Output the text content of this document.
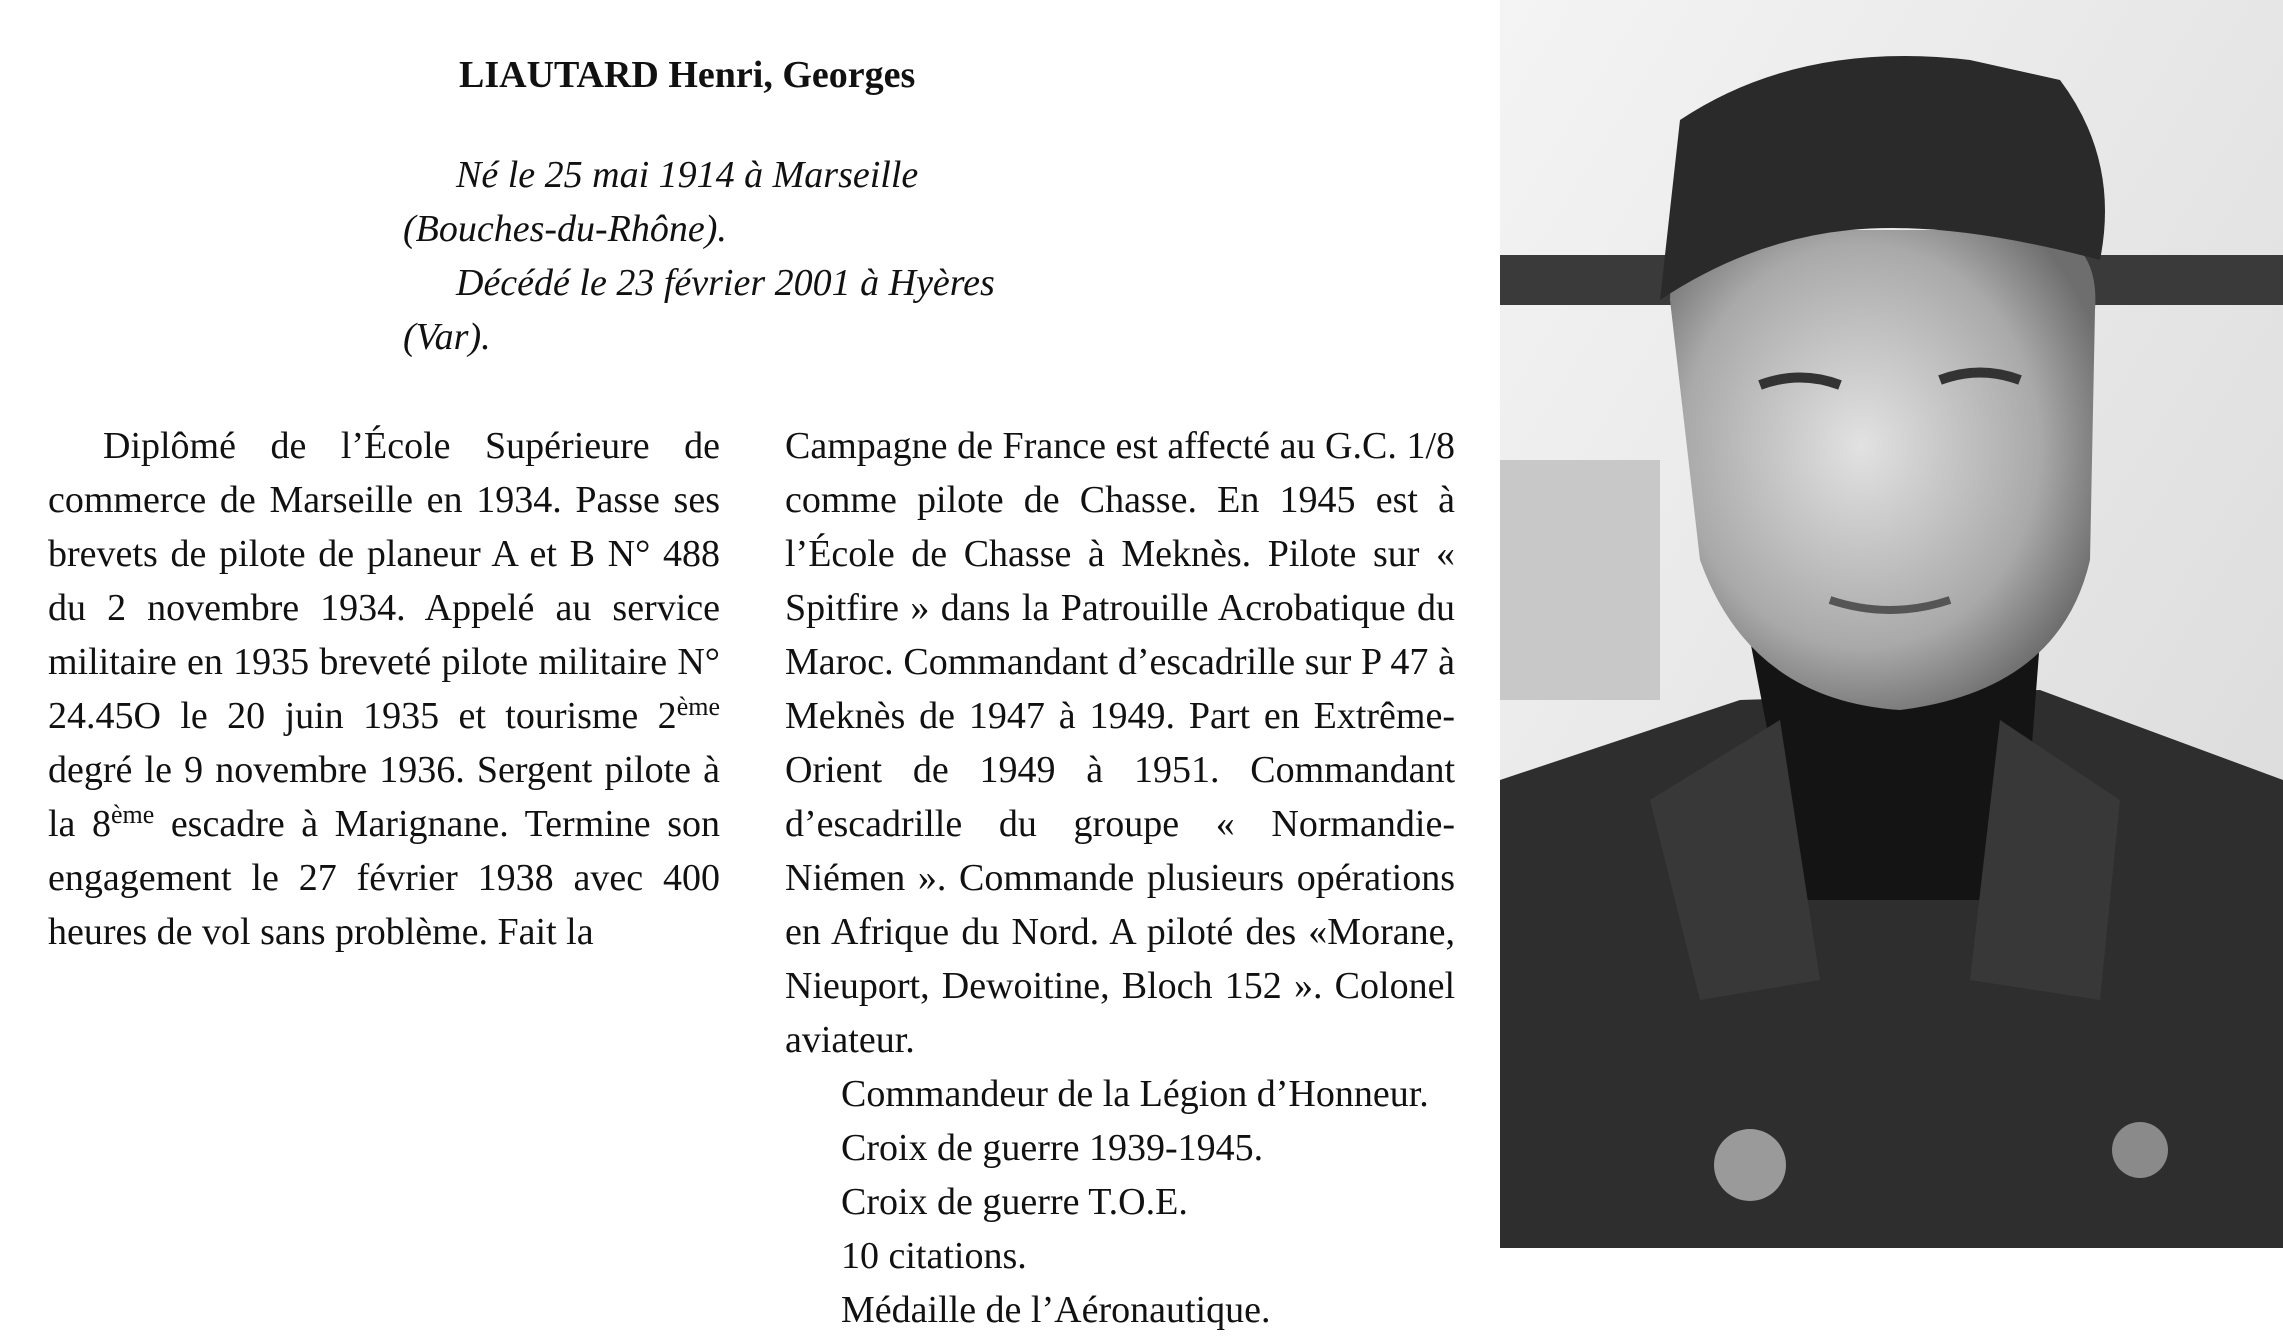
LIAUTARD Henri, Georges

Né le 25 mai 1914 à Marseille

(Bouches-du-Rhône).

Décédé le 23 février 2001 à Hyères

(Var).

Diplômé de l’École Supérieure de commerce de Marseille en 1934. Passe ses brevets de pilote de planeur A et B N° 488 du 2 novembre 1934. Appelé au service militaire en 1935 breveté pilote militaire N° 24.45O le 20 juin 1935 et tourisme 2ème degré le 9 novembre 1936. Sergent pilote à la 8ème escadre à Marignane. Termine son engagement le 27 février 1938 avec 400 heures de vol sans problème. Fait la

Campagne de France est affecté au G.C. 1/8 comme pilote de Chasse. En 1945 est à l’École de Chasse à Meknès. Pilote sur « Spitfire » dans la Patrouille Acrobatique du Maroc. Commandant d’escadrille sur P 47 à Meknès de 1947 à 1949. Part en Extrême-Orient de 1949 à 1951. Commandant d’escadrille du groupe « Normandie-Niémen ». Commande plusieurs opérations en Afrique du Nord. A piloté des «Morane, Nieuport, Dewoitine, Bloch 152 ». Colonel aviateur.

Commandeur de la Légion d’Honneur.
Croix de guerre 1939-1945.
Croix de guerre T.O.E.
10 citations.
Médaille de l’Aéronautique.
